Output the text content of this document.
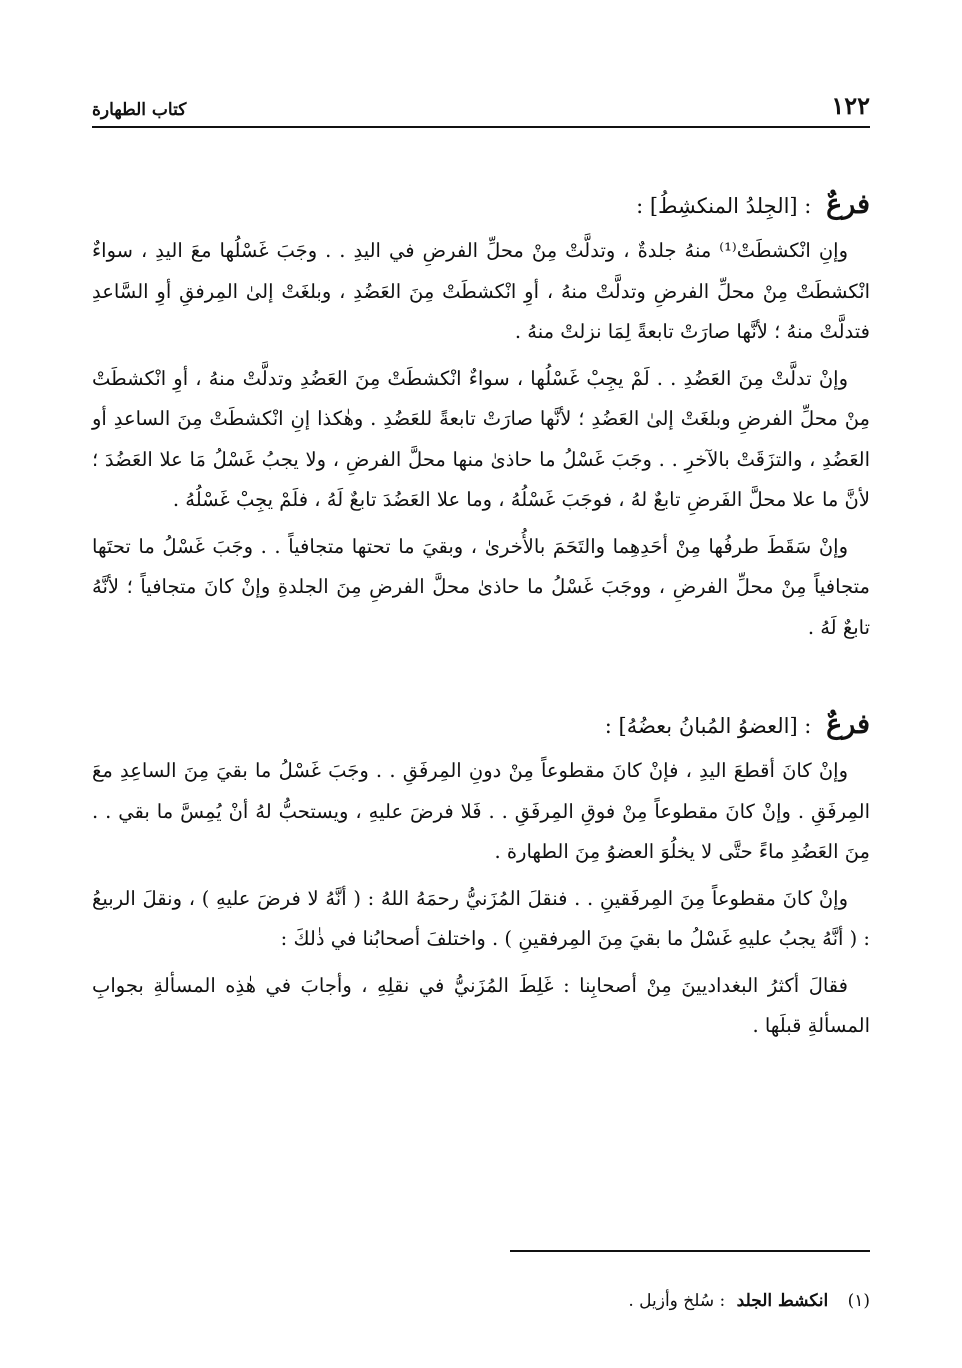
١٢٢
كتاب الطهارة

فرعٌ : [الجِلدُ المنكشِطُ] :

وإنِ انْكشطَتْ⁽¹⁾ منهُ جلدةٌ ، وتدلَّتْ مِنْ محلِّ الفرضِ في اليدِ . . وجَبَ غَسْلُها معَ اليدِ ، سواءٌ انْكشطَتْ مِنْ محلِّ الفرضِ وتدلَّتْ منهُ ، أوِ انْكشطَتْ مِنَ العَضُدِ ، وبلغَتْ إلىٰ المِرفقِ أوِ السَّاعدِ فتدلَّتْ منهُ ؛ لأنَّها صارَتْ تابعةً لِمَا نزلتْ منهُ .

وإنْ تدلَّتْ مِنَ العَضُدِ . . لَمْ يجِبْ غَسْلُها ، سواءٌ انْكشطَتْ مِنَ العَضُدِ وتدلَّتْ منهُ ، أوِ انْكشطَتْ مِنْ محلِّ الفرضِ وبلغَتْ إلىٰ العَضُدِ ؛ لأنَّها صارَتْ تابعةً للعَضُدِ . وهٰكذا إنِ انْكشطَتْ مِنَ الساعدِ أو العَضُدِ ، والتزَقَتْ بالآخرِ . . وجَبَ غَسْلُ ما حاذىٰ منها محلَّ الفرضِ ، ولا يجبُ غَسْلُ مَا علا العَضُدَ ؛ لأنَّ ما علا محلَّ الفَرضِ تابعٌ لهُ ، فوجَبَ غَسْلُهُ ، وما علا العَضُدَ تابعٌ لَهُ ، فلَمْ يجِبْ غَسْلُهُ .

وإنْ سَقَطَ طرفُها مِنْ أحَدِهِما والتَحَمَ بالأُخرىٰ ، وبقيَ ما تحتها متجافياً . . وجَبَ غَسْلُ ما تحتَها متجافياً مِنْ محلِّ الفرضِ ، ووجَبَ غَسْلُ ما حاذىٰ محلَّ الفرضِ مِنَ الجلدةِ وإنْ كانَ متجافياً ؛ لأنَّهُ تابعٌ لَهُ .

فرعٌ : [العضوُ المُبانُ بعضُهُ] :

وإنْ كانَ أقطعَ اليدِ ، فإنْ كانَ مقطوعاً مِنْ دونِ المِرفَقِ . . وجَبَ غَسْلُ ما بقيَ مِنَ الساعِدِ معَ المِرفَقِ . وإنْ كانَ مقطوعاً مِنْ فوقِ المِرفَقِ . . فَلا فرضَ عليهِ ، ويستحبُّ لهُ أنْ يُمِسَّ ما بقي . . مِنَ العَضُدِ ماءً حتَّى لا يخلُوَ العضوُ مِنَ الطهارة .

وإنْ كانَ مقطوعاً مِنَ المِرفَقينِ . . فنقلَ المُزَنيُّ رحمَهُ اللهُ : ( أنَّهُ لا فرضَ عليهِ ) ، ونقلَ الربيعُ : ( أنَّهُ يجبُ عليهِ غَسْلُ ما بقيَ مِنَ المِرفقينِ ) . واختلفَ أصحابُنا في ذٰلكَ :

فقالَ أكثرُ البغداديينَ مِنْ أصحابِنا : غَلِطَ المُزَنيُّ في نقلِهِ ، وأجابَ في هٰذِه المسألةِ بجوابِ المسألةِ قبلَها .

(١) انكشط الجلد : سُلخ وأزيل .
